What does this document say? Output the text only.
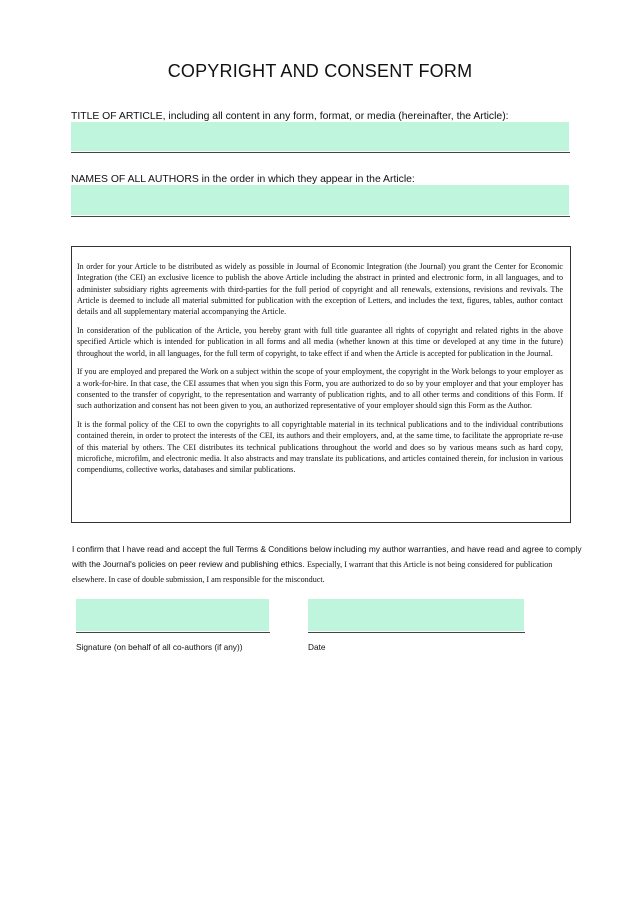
COPYRIGHT AND CONSENT FORM
TITLE OF ARTICLE, including all content in any form, format, or media (hereinafter, the Article):
NAMES OF ALL AUTHORS in the order in which they appear in the Article:

In order for your Article to be distributed as widely as possible in Journal of Economic Integration (the Journal) you grant the Center for Economic Integration (the CEI) an exclusive licence to publish the above Article including the abstract in printed and electronic form, in all languages, and to administer subsidiary rights agreements with third-parties for the full period of copyright and all renewals, extensions, revisions and revivals. The Article is deemed to include all material submitted for publication with the exception of Letters, and includes the text, figures, tables, author contact details and all supplementary material accompanying the Article.

In consideration of the publication of the Article, you hereby grant with full title guarantee all rights of copyright and related rights in the above specified Article which is intended for publication in all forms and all media (whether known at this time or developed at any time in the future) throughout the world, in all languages, for the full term of copyright, to take effect if and when the Article is accepted for publication in the Journal.

If you are employed and prepared the Work on a subject within the scope of your employment, the copyright in the Work belongs to your employer as a work-for-hire. In that case, the CEI assumes that when you sign this Form, you are authorized to do so by your employer and that your employer has consented to the transfer of copyright, to the representation and warranty of publication rights, and to all other terms and conditions of this Form. If such authorization and consent has not been given to you, an authorized representative of your employer should sign this Form as the Author.

It is the formal policy of the CEI to own the copyrights to all copyrightable material in its technical publications and to the individual contributions contained therein, in order to protect the interests of the CEI, its authors and their employers, and, at the same time, to facilitate the appropriate re-use of this material by others. The CEI distributes its technical publications throughout the world and does so by various means such as hard copy, microfiche, microfilm, and electronic media. It also abstracts and may translate its publications, and articles contained therein, for inclusion in various compendiums, collective works, databases and similar publications.

I confirm that I have read and accept the full Terms & Conditions below including my author warranties, and have read and agree to comply with the Journal's policies on peer review and publishing ethics. Especially, I warrant that this Article is not being considered for publication elsewhere. In case of double submission, I am responsible for the misconduct.
Signature (on behalf of all co-authors (if any))	Date
